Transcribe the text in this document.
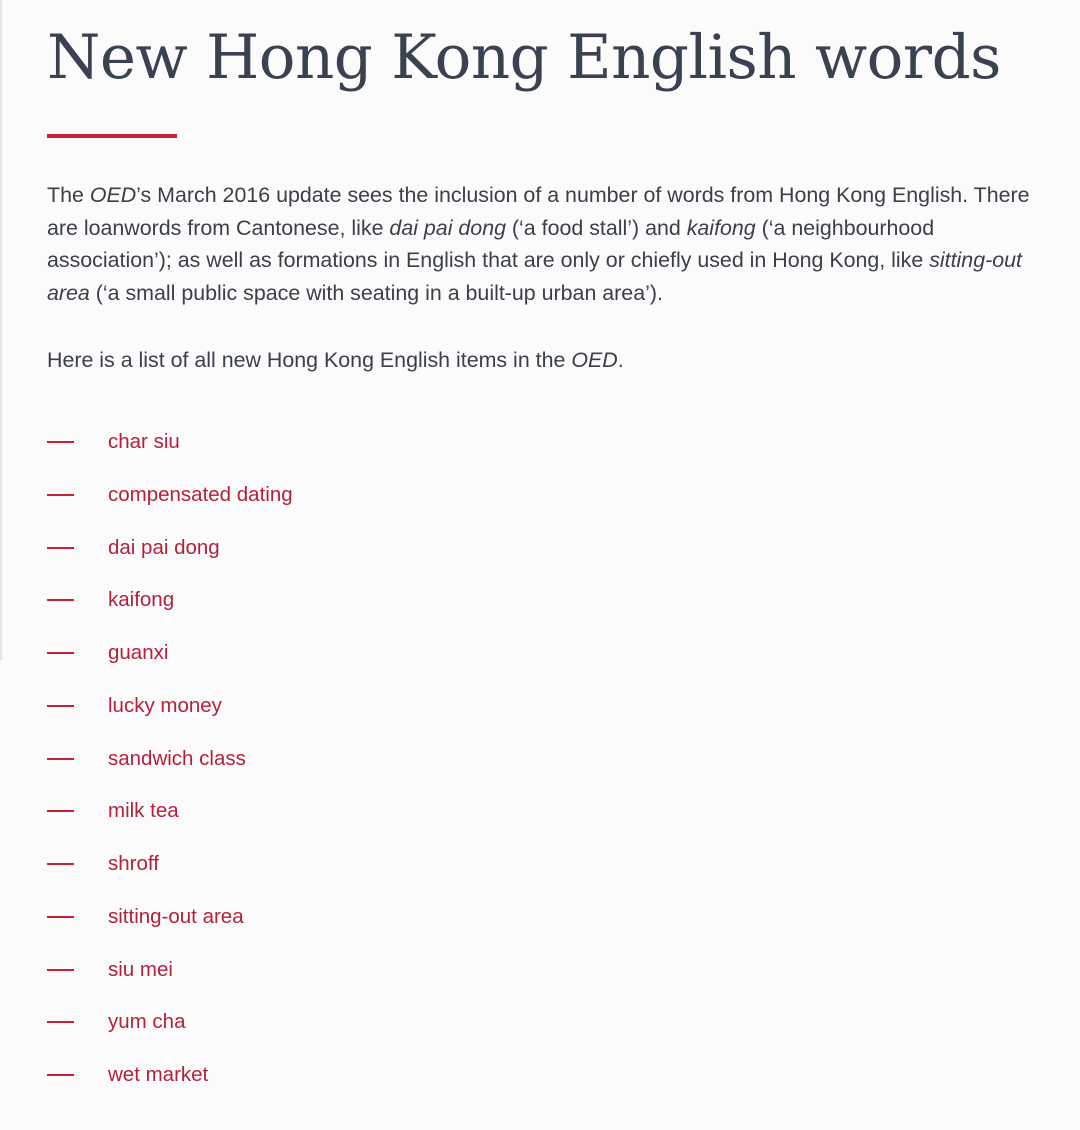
New Hong Kong English words

The OED’s March 2016 update sees the inclusion of a number of words from Hong Kong English. There are loanwords from Cantonese, like dai pai dong (‘a food stall’) and kaifong (‘a neighbourhood association’); as well as formations in English that are only or chiefly used in Hong Kong, like sitting-out area (‘a small public space with seating in a built-up urban area’).

Here is a list of all new Hong Kong English items in the OED.

char siu
compensated dating
dai pai dong
kaifong
guanxi
lucky money
sandwich class
milk tea
shroff
sitting-out area
siu mei
yum cha
wet market
